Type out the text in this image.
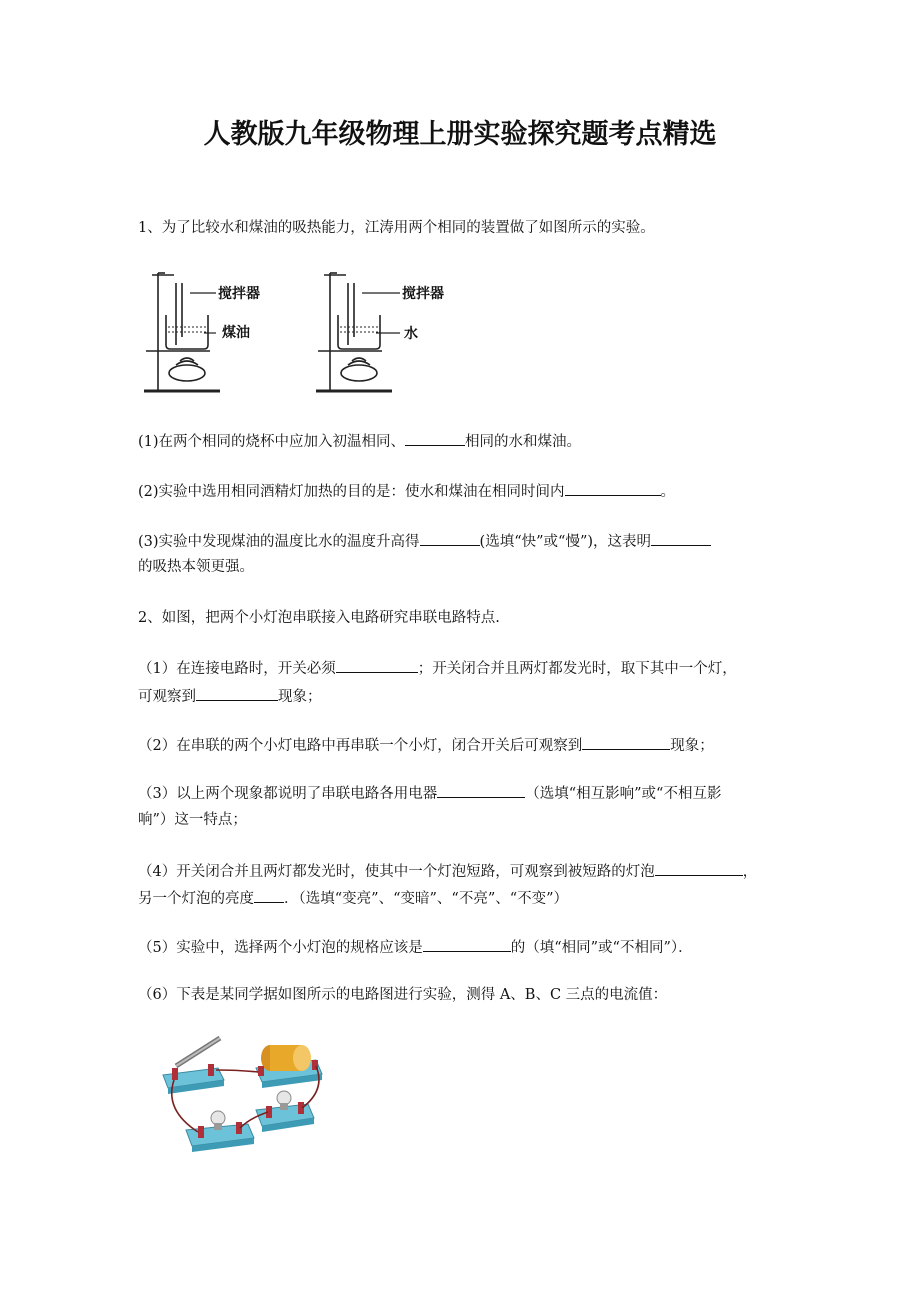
人教版九年级物理上册实验探究题考点精选
1、为了比较水和煤油的吸热能力，江涛用两个相同的装置做了如图所示的实验。
搅拌器
煤油
搅拌器
水
(1)在两个相同的烧杯中应加入初温相同、	相同的水和煤油。
(2)实验中选用相同酒精灯加热的目的是：使水和煤油在相同时间内	。
(3)实验中发现煤油的温度比水的温度升高得	(选填“快”或“慢”)，这表明
的吸热本领更强。
2、如图，把两个小灯泡串联接入电路研究串联电路特点.
（1）在连接电路时，开关必须	；开关闭合并且两灯都发光时，取下其中一个灯，
可观察到	现象；
（2）在串联的两个小灯电路中再串联一个小灯，闭合开关后可观察到	现象；
（3）以上两个现象都说明了串联电路各用电器	（选填“相互影响”或“不相互影
响”）这一特点；
（4）开关闭合并且两灯都发光时，使其中一个灯泡短路，可观察到被短路的灯泡	，
另一个灯泡的亮度 ．（选填“变亮”、“变暗”、“不亮”、“不变”）
（5）实验中，选择两个小灯泡的规格应该是	的（填“相同”或“不相同”）．
（6）下表是某同学据如图所示的电路图进行实验，测得 A、B、C 三点的电流值：
